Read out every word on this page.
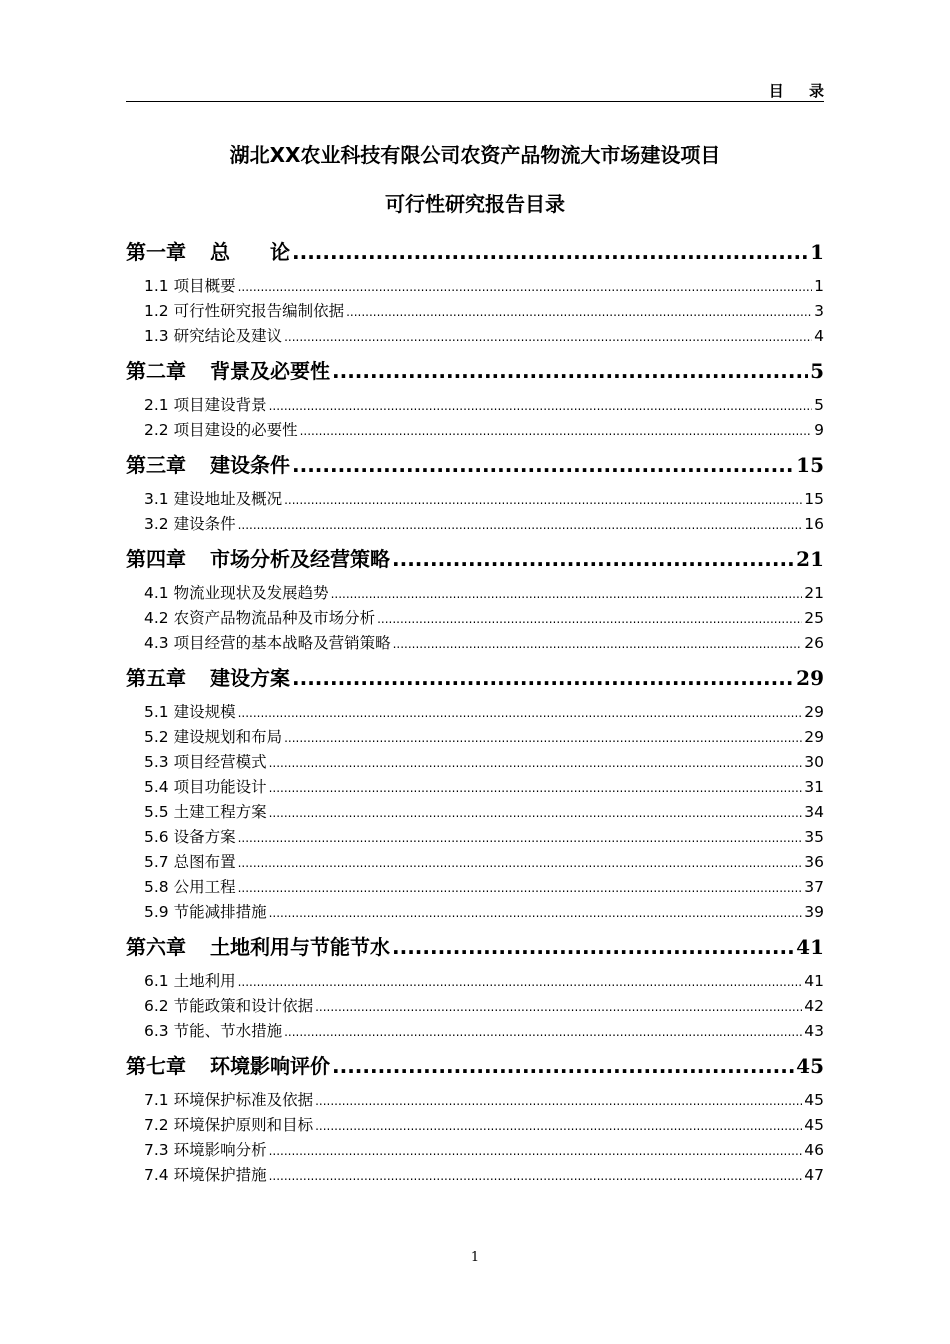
目 录
湖北XX农业科技有限公司农资产品物流大市场建设项目
可行性研究报告目录
第一章 总　　论 .....	1
1.1 项目概要 .....	1
1.2 可行性研究报告编制依据 .....	3
1.3 研究结论及建议 .....	4
第二章 背景及必要性 .....	5
2.1 项目建设背景 .....	5
2.2 项目建设的必要性 .....	9
第三章 建设条件 .....	15
3.1 建设地址及概况 .....	15
3.2 建设条件 .....	16
第四章 市场分析及经营策略 .....	21
4.1 物流业现状及发展趋势 .....	21
4.2 农资产品物流品种及市场分析 .....	25
4.3 项目经营的基本战略及营销策略 .....	26
第五章 建设方案 .....	29
5.1 建设规模 .....	29
5.2 建设规划和布局 .....	29
5.3 项目经营模式 .....	30
5.4 项目功能设计 .....	31
5.5 土建工程方案 .....	34
5.6 设备方案 .....	35
5.7 总图布置 .....	36
5.8 公用工程 .....	37
5.9 节能减排措施 .....	39
第六章 土地利用与节能节水 .....	41
6.1 土地利用 .....	41
6.2 节能政策和设计依据 .....	42
6.3 节能、节水措施 .....	43
第七章 环境影响评价 .....	45
7.1 环境保护标准及依据 .....	45
7.2 环境保护原则和目标 .....	45
7.3 环境影响分析 .....	46
7.4 环境保护措施 .....	47
1
